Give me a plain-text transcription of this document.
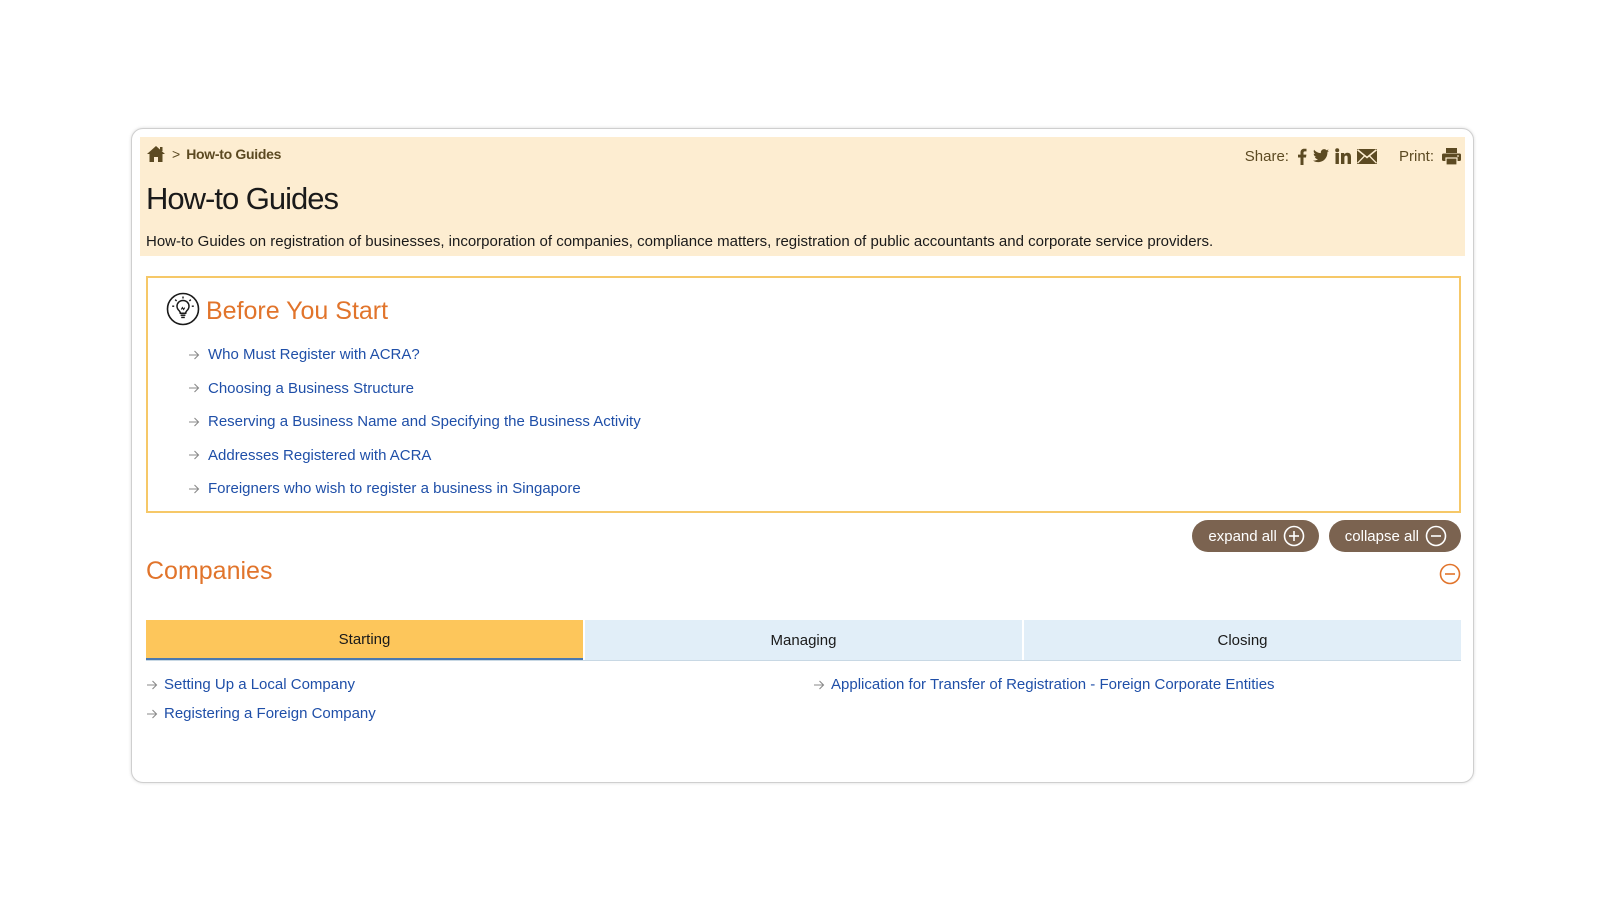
> How-to Guides	Share:	Print:
How-to Guides

How-to Guides on registration of businesses, incorporation of companies, compliance matters, registration of public accountants and corporate service providers.

Before You Start
Who Must Register with ACRA?
Choosing a Business Structure
Reserving a Business Name and Specifying the Business Activity
Addresses Registered with ACRA
Foreigners who wish to register a business in Singapore
expand all	collapse all
Companies
Starting	Managing	Closing
Setting Up a Local Company
Registering a Foreign Company
Application for Transfer of Registration - Foreign Corporate Entities
